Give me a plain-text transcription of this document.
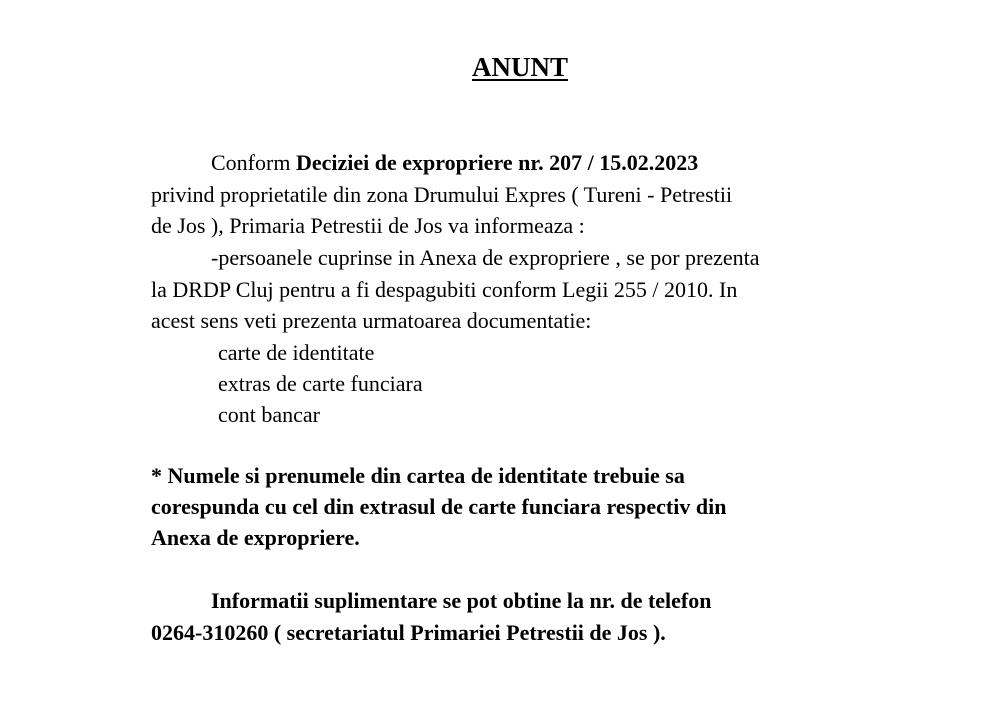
ANUNT
Conform Deciziei de expropriere nr. 207 / 15.02.2023
privind proprietatile din zona Drumului Expres ( Tureni - Petrestii
de Jos ), Primaria Petrestii de Jos va informeaza :
-persoanele cuprinse in Anexa de expropriere , se por prezenta
la DRDP Cluj pentru a fi despagubiti conform Legii 255 / 2010. In
acest sens veti prezenta urmatoarea documentatie:
carte de identitate
extras de carte funciara
cont bancar
* Numele si prenumele din cartea de identitate trebuie sa
corespunda cu cel din extrasul de carte funciara respectiv din
Anexa de expropriere.
Informatii suplimentare se pot obtine la nr. de telefon
0264-310260 ( secretariatul Primariei Petrestii de Jos ).
